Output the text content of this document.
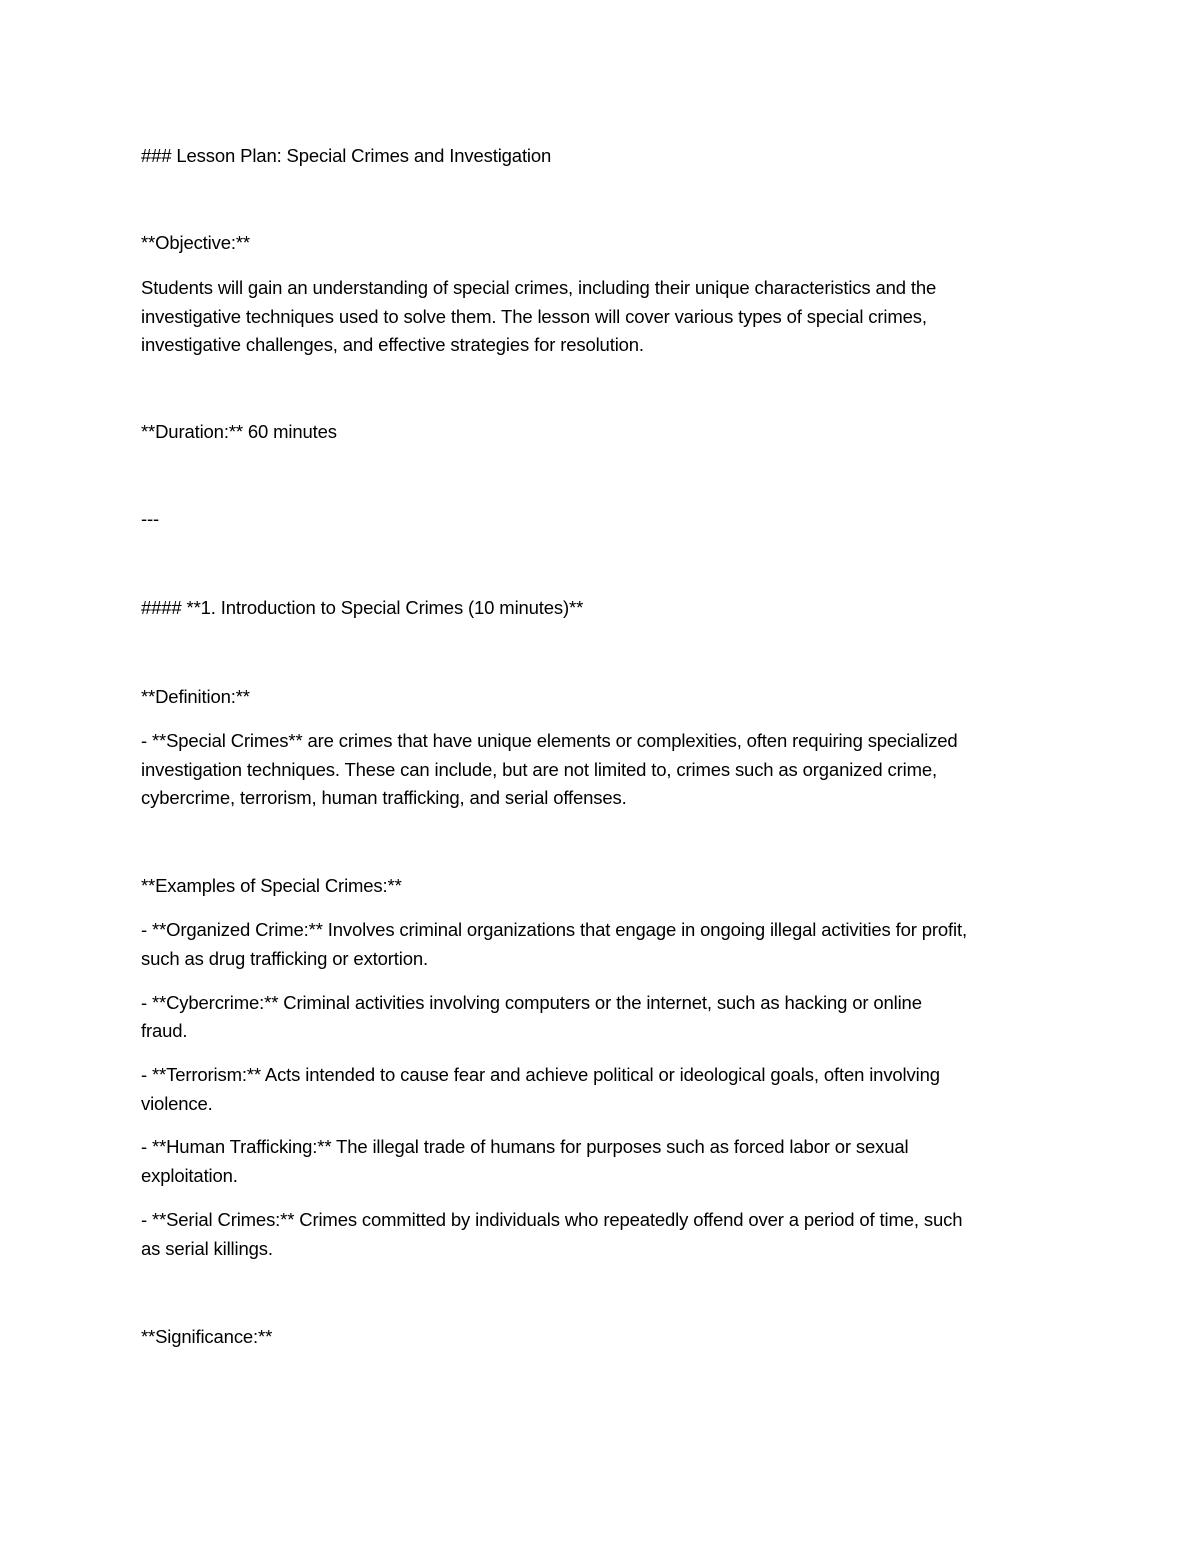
### Lesson Plan: Special Crimes and Investigation
**Objective:**
Students will gain an understanding of special crimes, including their unique characteristics and the
investigative techniques used to solve them. The lesson will cover various types of special crimes,
investigative challenges, and effective strategies for resolution.
**Duration:** 60 minutes
---
#### **1. Introduction to Special Crimes (10 minutes)**
**Definition:**
- **Special Crimes** are crimes that have unique elements or complexities, often requiring specialized
investigation techniques. These can include, but are not limited to, crimes such as organized crime,
cybercrime, terrorism, human trafficking, and serial offenses.
**Examples of Special Crimes:**
- **Organized Crime:** Involves criminal organizations that engage in ongoing illegal activities for profit,
such as drug trafficking or extortion.
- **Cybercrime:** Criminal activities involving computers or the internet, such as hacking or online
fraud.
- **Terrorism:** Acts intended to cause fear and achieve political or ideological goals, often involving
violence.
- **Human Trafficking:** The illegal trade of humans for purposes such as forced labor or sexual
exploitation.
- **Serial Crimes:** Crimes committed by individuals who repeatedly offend over a period of time, such
as serial killings.
**Significance:**
